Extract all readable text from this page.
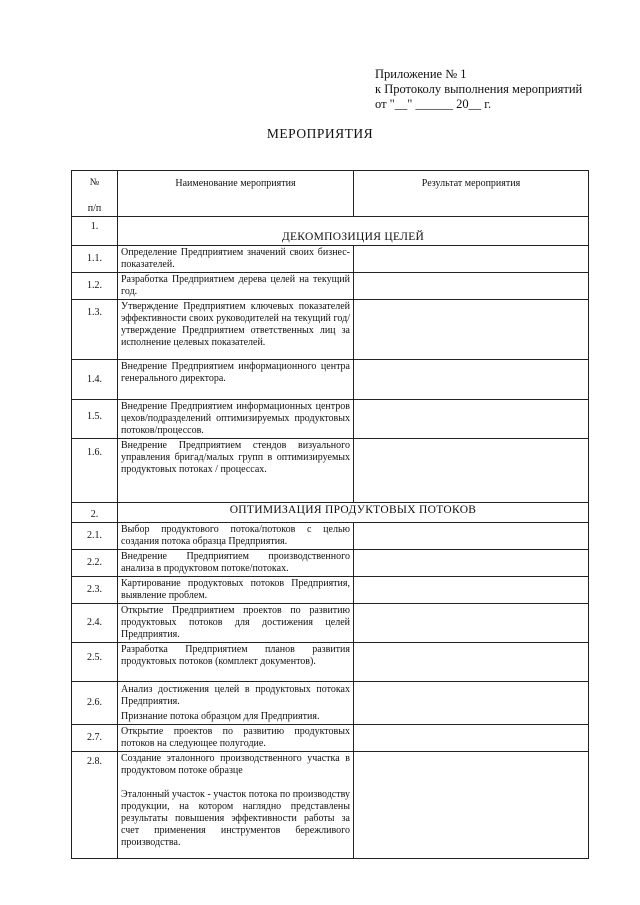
Приложение № 1
к Протоколу выполнения мероприятий
от "__" ______ 20__ г.
МЕРОПРИЯТИЯ
№
п/п	Наименование мероприятия	Результат мероприятия
1.	ДЕКОМПОЗИЦИЯ ЦЕЛЕЙ	
1.1.	Определение Предприятием значений своих бизнес-показателей.	
1.2.	Разработка Предприятием дерева целей на текущий год.	
1.3.	Утверждение Предприятием ключевых показателей эффективности своих руководителей на текущий год/утверждение Предприятием ответственных лиц за исполнение целевых показателей.	
1.4.	Внедрение Предприятием информационного центра генерального директора.	
1.5.	Внедрение Предприятием информационных центров цехов/подразделений оптимизируемых продуктовых потоков/процессов.	
1.6.	Внедрение Предприятием стендов визуального управления бригад/малых групп в оптимизируемых продуктовых потоках / процессах.	
2.	ОПТИМИЗАЦИЯ ПРОДУКТОВЫХ ПОТОКОВ	
2.1.	Выбор продуктового потока/потоков с целью создания потока образца Предприятия.	
2.2.	Внедрение Предприятием производственного анализа в продуктовом потоке/потоках.	
2.3.	Картирование продуктовых потоков Предприятия, выявление проблем.	
2.4.	Открытие Предприятием проектов по развитию продуктовых потоков для достижения целей Предприятия.	
2.5.	Разработка Предприятием планов развития продуктовых потоков (комплект документов).	
2.6.	Анализ достижения целей в продуктовых потоках Предприятия.
Признание потока образцом для Предприятия.	

2.7.	Открытие проектов по развитию продуктовых потоков на следующее полугодие.	
2.8.	Создание эталонного производственного участка в продуктовом потоке образце
Эталонный участок - участок потока по производству продукции, на котором наглядно представлены результаты повышения эффективности работы за счет применения инструментов бережливого производства.	
